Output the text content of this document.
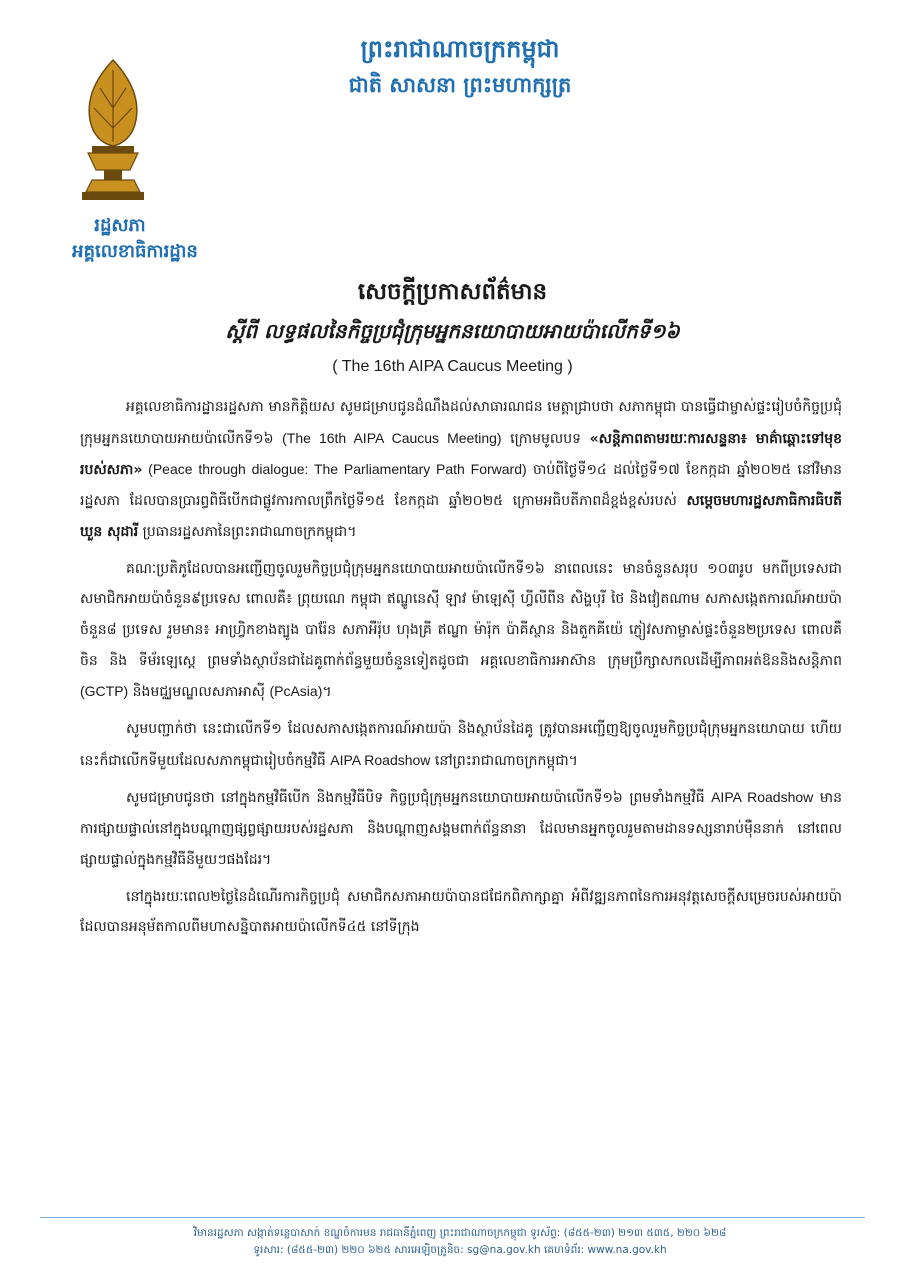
រដ្ឋសភា
អគ្គលេខាធិការដ្ឋាន
ព្រះរាជាណាចក្រកម្ពុជា
ជាតិ សាសនា ព្រះមហាក្សត្រ
សេចក្តីប្រកាសព័ត៌មាន
ស្តីពី លទ្ធផលនៃកិច្ចប្រជុំក្រុមអ្នកនយោបាយអាយប៉ាលើកទី១៦
( The 16th AIPA Caucus Meeting )

អគ្គលេខាធិការដ្ឋានរដ្ឋសភា មានកិត្តិយស សូមជម្រាបជូនដំណឹងដល់សាធារណជន មេត្តាជ្រាបថា សភាកម្ពុជា បានធ្វើជាម្ចាស់ផ្ទះរៀបចំកិច្ចប្រជុំក្រុមអ្នកនយោបាយអាយប៉ាលើកទី១៦ (The 16th AIPA Caucus Meeting) ក្រោមមូលបទ «សន្តិភាពតាមរយៈការសន្ទនា៖ មាគ៌ាឆ្ពោះទៅមុខរបស់សភា» (Peace through dialogue: The Parliamentary Path Forward) ចាប់ពីថ្ងៃទី១៤ ដល់ថ្ងៃទី១៧ ខែកក្កដា ឆ្នាំ២០២៥ នៅវិមានរដ្ឋសភា ដែលបានប្រារព្ធពិធីបើកជាផ្លូវការកាលព្រឹកថ្ងៃទី១៥ ខែកក្កដា ឆ្នាំ២០២៥ ក្រោមអធិបតីភាពដ៏ខ្ពង់ខ្ពស់របស់ សម្តេចមហារដ្ឋសភាធិការធិបតី ឃួន សុដារី ប្រធានរដ្ឋសភានៃព្រះរាជាណាចក្រកម្ពុជា។

គណៈប្រតិភូដែលបានអញ្ជើញចូលរួមកិច្ចប្រជុំក្រុមអ្នកនយោបាយអាយប៉ាលើកទី១៦ នាពេលនេះ មានចំនួនសរុប ១០៣រូប មកពីប្រទេសជាសមាជិកអាយប៉ាចំនួន៩ប្រទេស ពោលគឺ៖ ព្រុយណេ កម្ពុជា ឥណ្ឌូនេស៊ី ឡាវ ម៉ាឡេស៊ី ហ្វីលីពីន សិង្ហបុរី ថៃ និងវៀតណាម សភាសង្កេតការណ៍អាយប៉ាចំនួន៨ ប្រទេស រួមមាន៖ អាហ្វ្រិកខាងត្បូង បារ៉ែន សភាអឺរ៉ុប ហុងគ្រី ឥណ្ឌា ម៉ារ៉ុក ប៉ាគីស្ថាន និងតួកគីយ៉េ ភ្ញៀវសភាម្ចាស់ផ្ទះចំនួន២ប្រទេស ពោលគឺ ចិន និង ទីម័រឡេស្តេ ព្រមទាំងស្ថាប័នជាដៃគូពាក់ព័ន្ធមួយចំនួនទៀតដូចជា អគ្គលេខាធិការអាស៊ាន ក្រុមប្រឹក្សាសកលដើម្បីភាពអត់ឱននិងសន្តិភាព (GCTP) និងមជ្ឈមណ្ឌលសភាអាស៊ី (PcAsia)។

សូមបញ្ជាក់ថា នេះជាលើកទី១ ដែលសភាសង្កេតការណ៍អាយប៉ា និងស្ថាប័នដៃគូ ត្រូវបានអញ្ជើញឱ្យចូលរួមកិច្ចប្រជុំក្រុមអ្នកនយោបាយ ហើយនេះក៏ជាលើកទីមួយដែលសភាកម្ពុជារៀបចំកម្មវិធី AIPA Roadshow នៅព្រះរាជាណាចក្រកម្ពុជា។

សូមជម្រាបជូនថា នៅក្នុងកម្មវិធីបើក និងកម្មវិធីបិទ កិច្ចប្រជុំក្រុមអ្នកនយោបាយអាយប៉ាលើកទី១៦ ព្រមទាំងកម្មវិធី AIPA Roadshow មានការផ្សាយផ្ទាល់នៅក្នុងបណ្តាញផ្សព្វផ្សាយរបស់រដ្ឋសភា និងបណ្តាញសង្គមពាក់ព័ន្ធនានា ដែលមានអ្នកចូលរួមតាមដានទស្សនារាប់ម៉ឺននាក់ នៅពេលផ្សាយផ្ទាល់ក្នុងកម្មវិធីនីមួយៗផងដែរ។

នៅក្នុងរយៈពេល២ថ្ងៃនៃដំណើរការកិច្ចប្រជុំ សមាជិកសភាអាយប៉ាបានជជែកពិភាក្សាគ្នា អំពីវឌ្ឍនភាពនៃការអនុវត្តសេចក្តីសម្រេចរបស់អាយប៉ា ដែលបានអនុម័តកាលពីមហាសន្និបាតអាយប៉ាលើកទី៤៥ នៅទីក្រុង

វិមានរដ្ឋសភា សង្កាត់ទន្លេបាសាក់ ខណ្ឌចំការមន រាជធានីភ្នំពេញ ព្រះរាជាណាចក្រកម្ពុជា ទូរស័ព្ទ: (៨៥៥-២៣) ២១៣ ៥៣៥, ២២០ ៦២៨
ទូរសារ: (៨៥៥-២៣) ២២០ ៦២៥ សារអេឡិចត្រូនិច: sg@na.gov.kh គេហទំព័រ: www.na.gov.kh
